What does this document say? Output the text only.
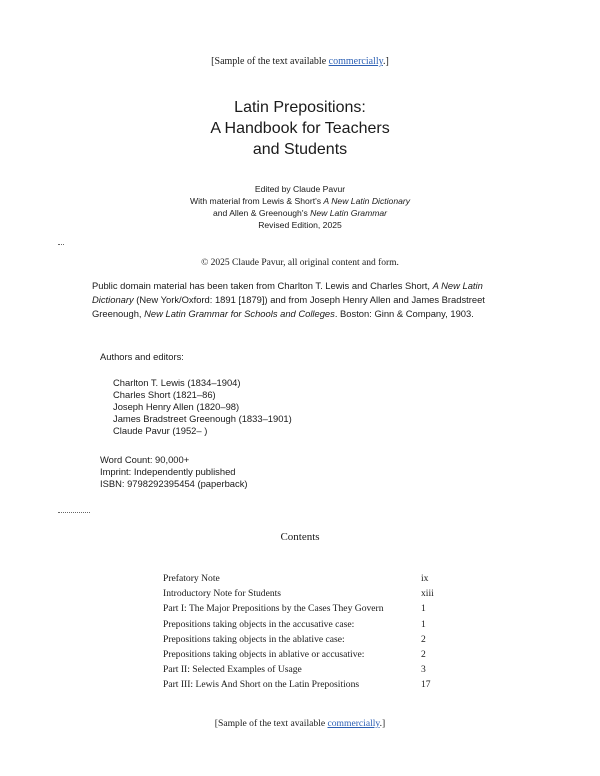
[Sample of the text available commercially.]
Latin Prepositions:
A Handbook for Teachers
and Students
Edited by Claude Pavur
With material from Lewis & Short's A New Latin Dictionary
and Allen & Greenough's New Latin Grammar
Revised Edition, 2025
© 2025 Claude Pavur, all original content and form.
Public domain material has been taken from Charlton T. Lewis and Charles Short, A New Latin Dictionary (New York/Oxford: 1891 [1879]) and from Joseph Henry Allen and James Bradstreet Greenough, New Latin Grammar for Schools and Colleges. Boston: Ginn & Company, 1903.
Authors and editors:
Charlton T. Lewis (1834–1904)
Charles Short (1821–86)
Joseph Henry Allen (1820–98)
James Bradstreet Greenough (1833–1901)
Claude Pavur (1952– )
Word Count: 90,000+
Imprint: Independently published
ISBN: 9798292395454 (paperback)
Contents
Prefatory Note	ix
Introductory Note for Students	xiii
Part I: The Major Prepositions by the Cases They Govern	1
Prepositions taking objects in the accusative case:	1
Prepositions taking objects in the ablative case:	2
Prepositions taking objects in ablative or accusative:	2
Part II: Selected Examples of Usage	3
Part III: Lewis And Short on the Latin Prepositions	17
[Sample of the text available commercially.]
